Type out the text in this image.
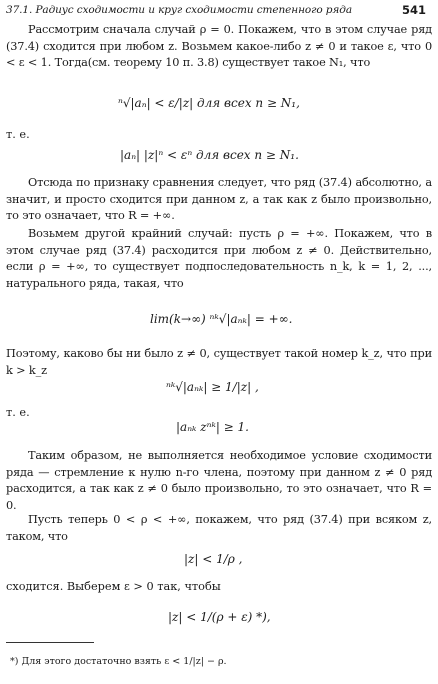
37.1. Радиус сходимости и круг сходимости степенного ряда	541
Рассмотрим сначала случай ρ = 0. Покажем, что в этом случае ряд (37.4) сходится при любом z. Возьмем какое-либо z ≠ 0 и такое ε, что 0 < ε < 1. Тогда(см. теорему 10 п. 3.8) существует такое N₁, что
ⁿ√|aₙ| < ε/|z| для всех n ≥ N₁,
т. е.
|aₙ| |z|ⁿ < εⁿ для всех n ≥ N₁.
Отсюда по признаку сравнения следует, что ряд (37.4) абсолютно, а значит, и просто сходится при данном z, а так как z было произвольно, то это означает, что R = +∞.
Возьмем другой крайний случай: пусть ρ = +∞. Покажем, что в этом случае ряд (37.4) расходится при любом z ≠ 0. Действительно, если ρ = +∞, то существует подпоследовательность n_k, k = 1, 2, ..., натурального ряда, такая, что
lim(k→∞) ⁿᵏ√|aₙₖ| = +∞.
Поэтому, каково бы ни было z ≠ 0, существует такой номер k_z, что при k > k_z
ⁿᵏ√|aₙₖ| ≥ 1/|z| ,
т. е.
|aₙₖ zⁿᵏ| ≥ 1.
Таким образом, не выполняется необходимое условие сходимости ряда — стремление к нулю n-го члена, поэтому при данном z ≠ 0 ряд расходится, а так как z ≠ 0 было произвольно, то это означает, что R = 0.
Пусть теперь 0 < ρ < +∞, покажем, что ряд (37.4) при всяком z, таком, что
|z| < 1/ρ ,
сходится. Выберем ε > 0 так, чтобы
|z| < 1/(ρ + ε) *),
*) Для этого достаточно взять ε < 1/|z| − ρ.
